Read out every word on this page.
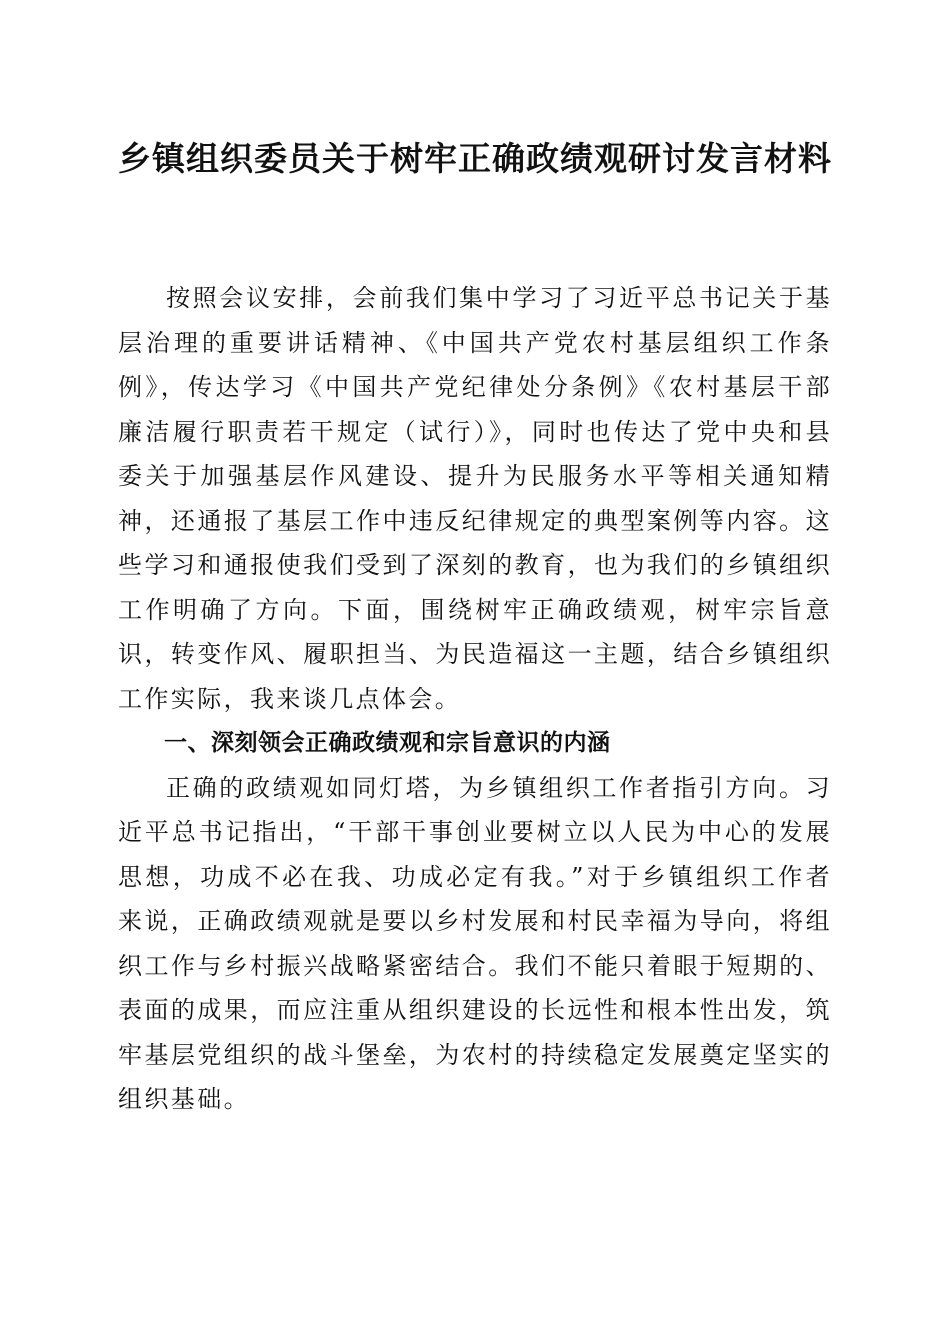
乡镇组织委员关于树牢正确政绩观研讨发言材料

按照会议安排，会前我们集中学习了习近平总书记关于基层治理的重要讲话精神、《中国共产党农村基层组织工作条例》，传达学习《中国共产党纪律处分条例》《农村基层干部廉洁履行职责若干规定（试行）》，同时也传达了党中央和县委关于加强基层作风建设、提升为民服务水平等相关通知精神，还通报了基层工作中违反纪律规定的典型案例等内容。这些学习和通报使我们受到了深刻的教育，也为我们的乡镇组织工作明确了方向。下面，围绕树牢正确政绩观，树牢宗旨意识，转变作风、履职担当、为民造福这一主题，结合乡镇组织工作实际，我来谈几点体会。

一、深刻领会正确政绩观和宗旨意识的内涵

正确的政绩观如同灯塔，为乡镇组织工作者指引方向。习近平总书记指出，“干部干事创业要树立以人民为中心的发展思想，功成不必在我、功成必定有我。”对于乡镇组织工作者来说，正确政绩观就是要以乡村发展和村民幸福为导向，将组织工作与乡村振兴战略紧密结合。我们不能只着眼于短期的、表面的成果，而应注重从组织建设的长远性和根本性出发，筑牢基层党组织的战斗堡垒，为农村的持续稳定发展奠定坚实的组织基础。
